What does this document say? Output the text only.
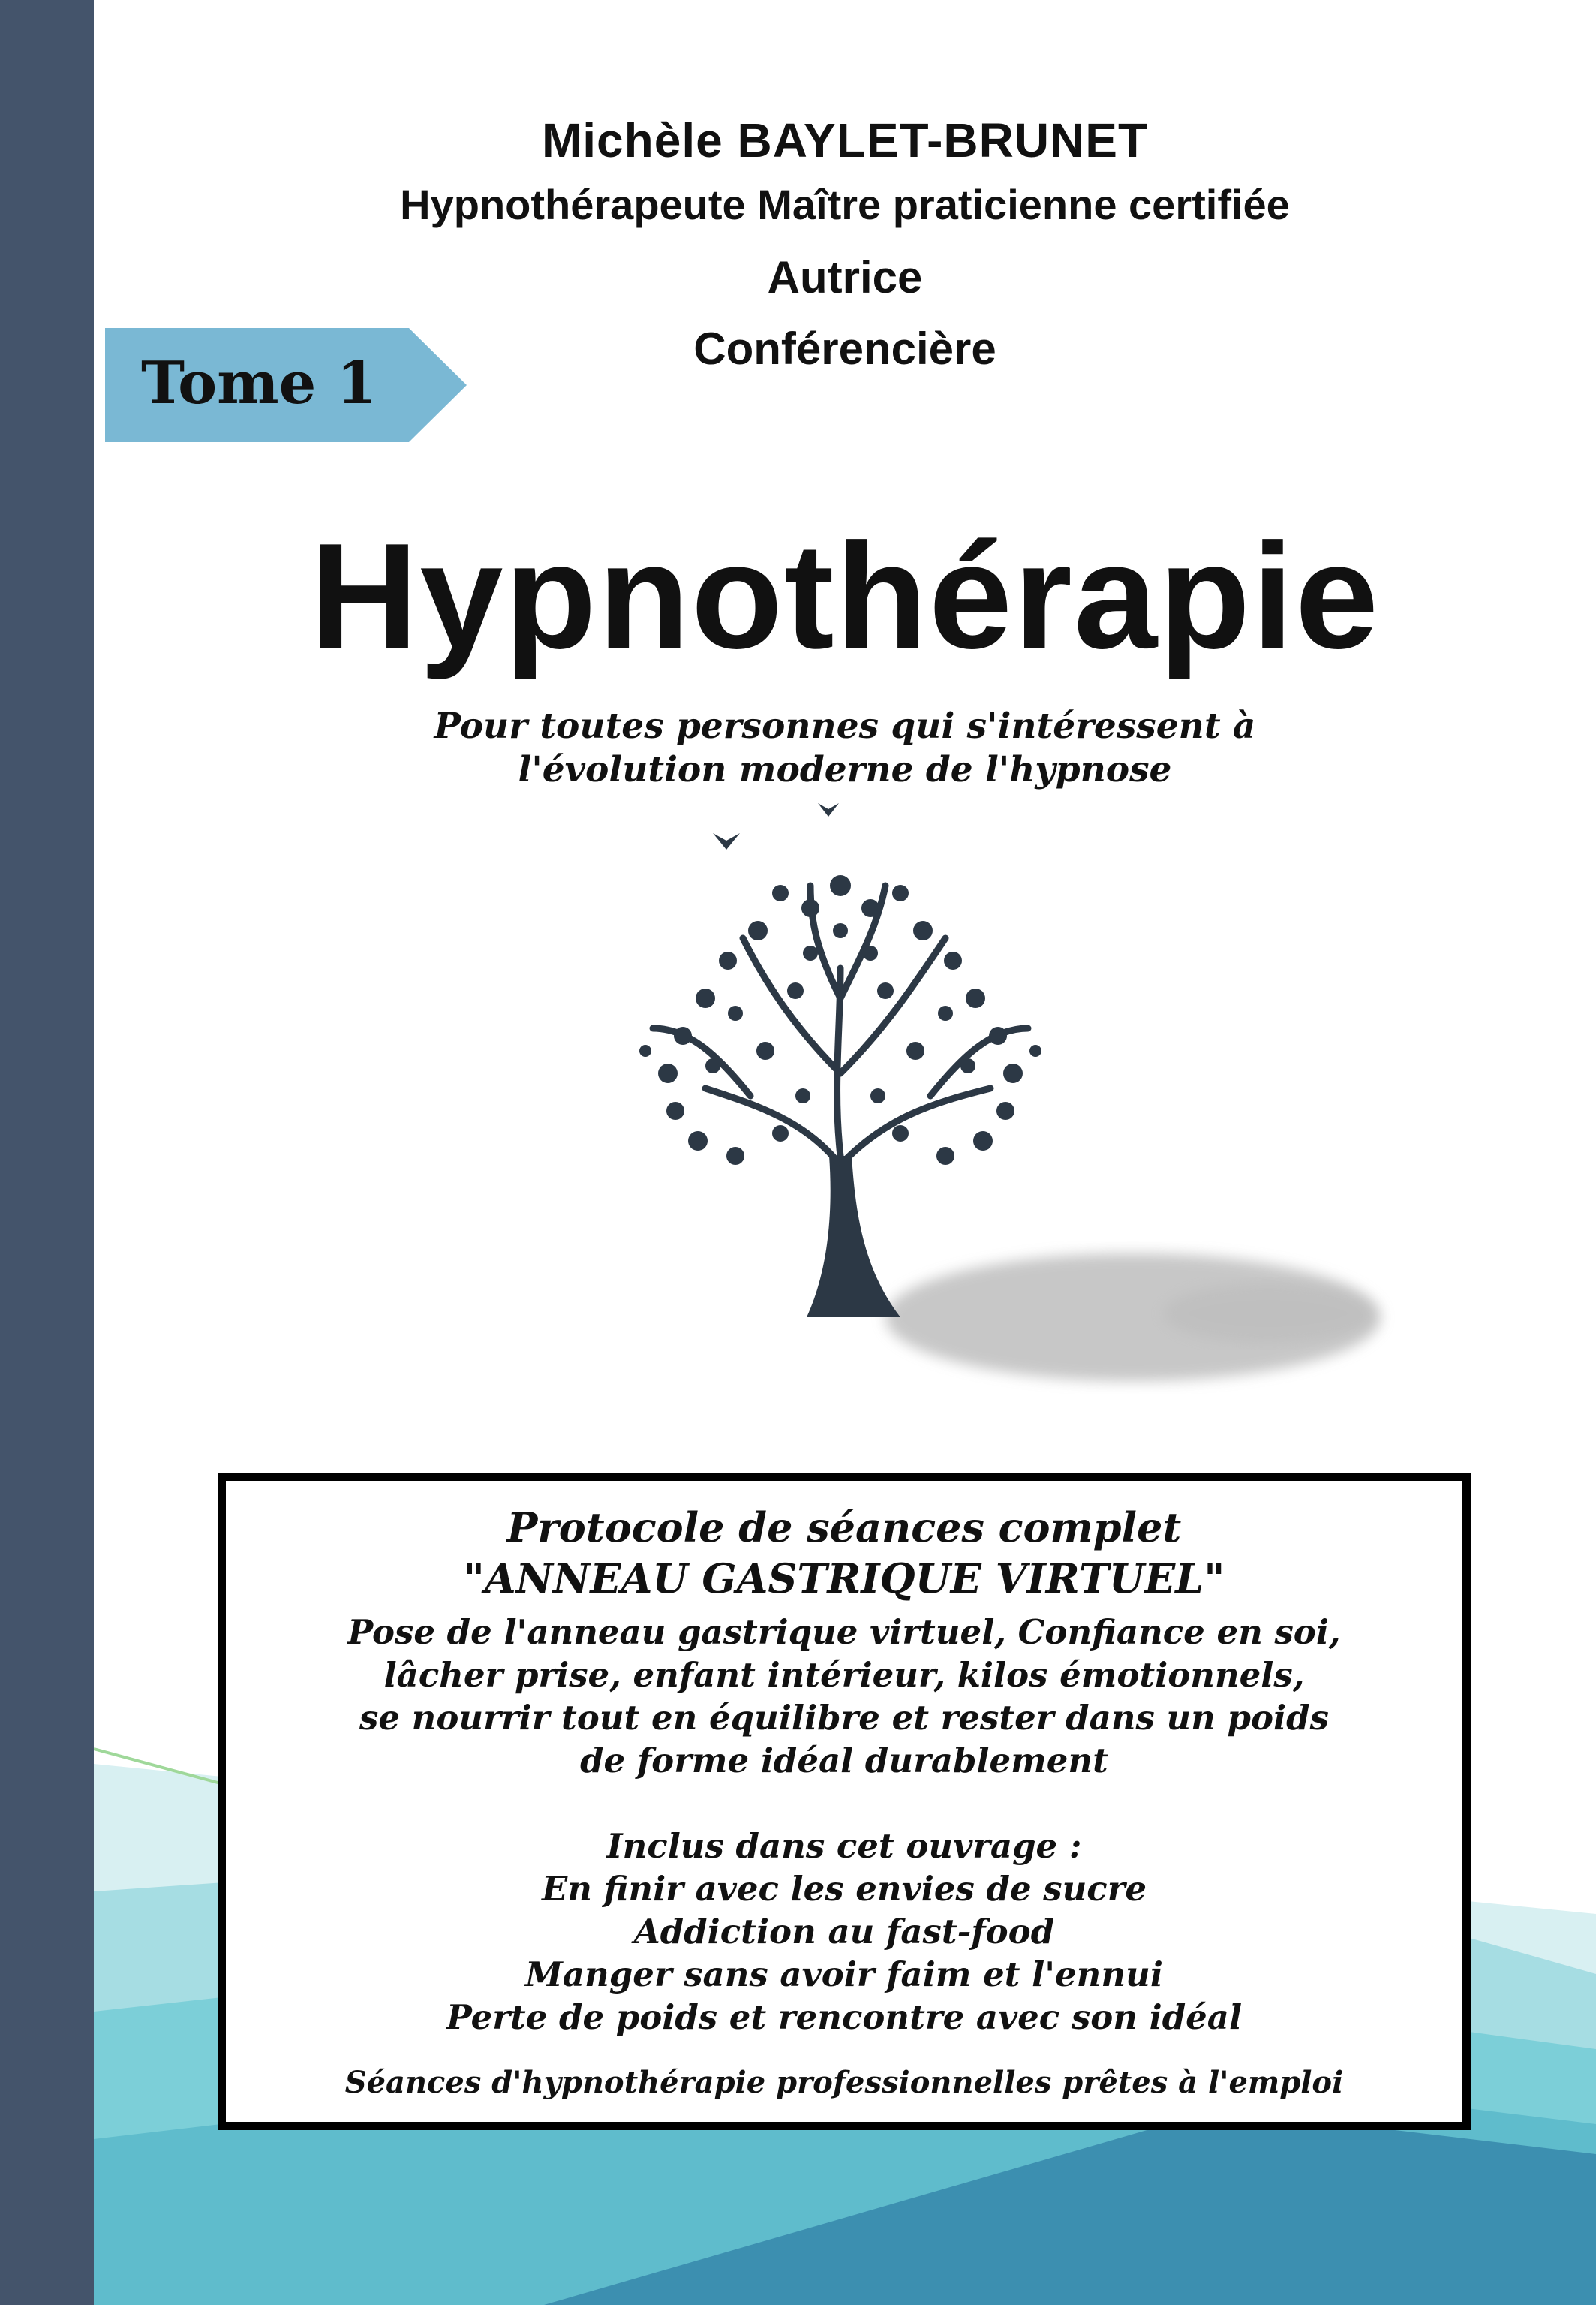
Michèle BAYLET-BRUNET
Hypnothérapeute Maître praticienne certifiée
Autrice
Conférencière
Tome 1
Hypnothérapie
Pour toutes personnes qui s'intéressent à
l'évolution moderne de l'hypnose
Protocole de séances complet
"ANNEAU GASTRIQUE VIRTUEL"
Pose de l'anneau gastrique virtuel, Confiance en soi,
lâcher prise, enfant intérieur, kilos émotionnels,
se nourrir tout en équilibre et rester dans un poids
de forme idéal durablement
Inclus dans cet ouvrage :
En finir avec les envies de sucre
Addiction au fast-food
Manger sans avoir faim et l'ennui
Perte de poids et rencontre avec son idéal
Séances d'hypnothérapie professionnelles prêtes à l'emploi
